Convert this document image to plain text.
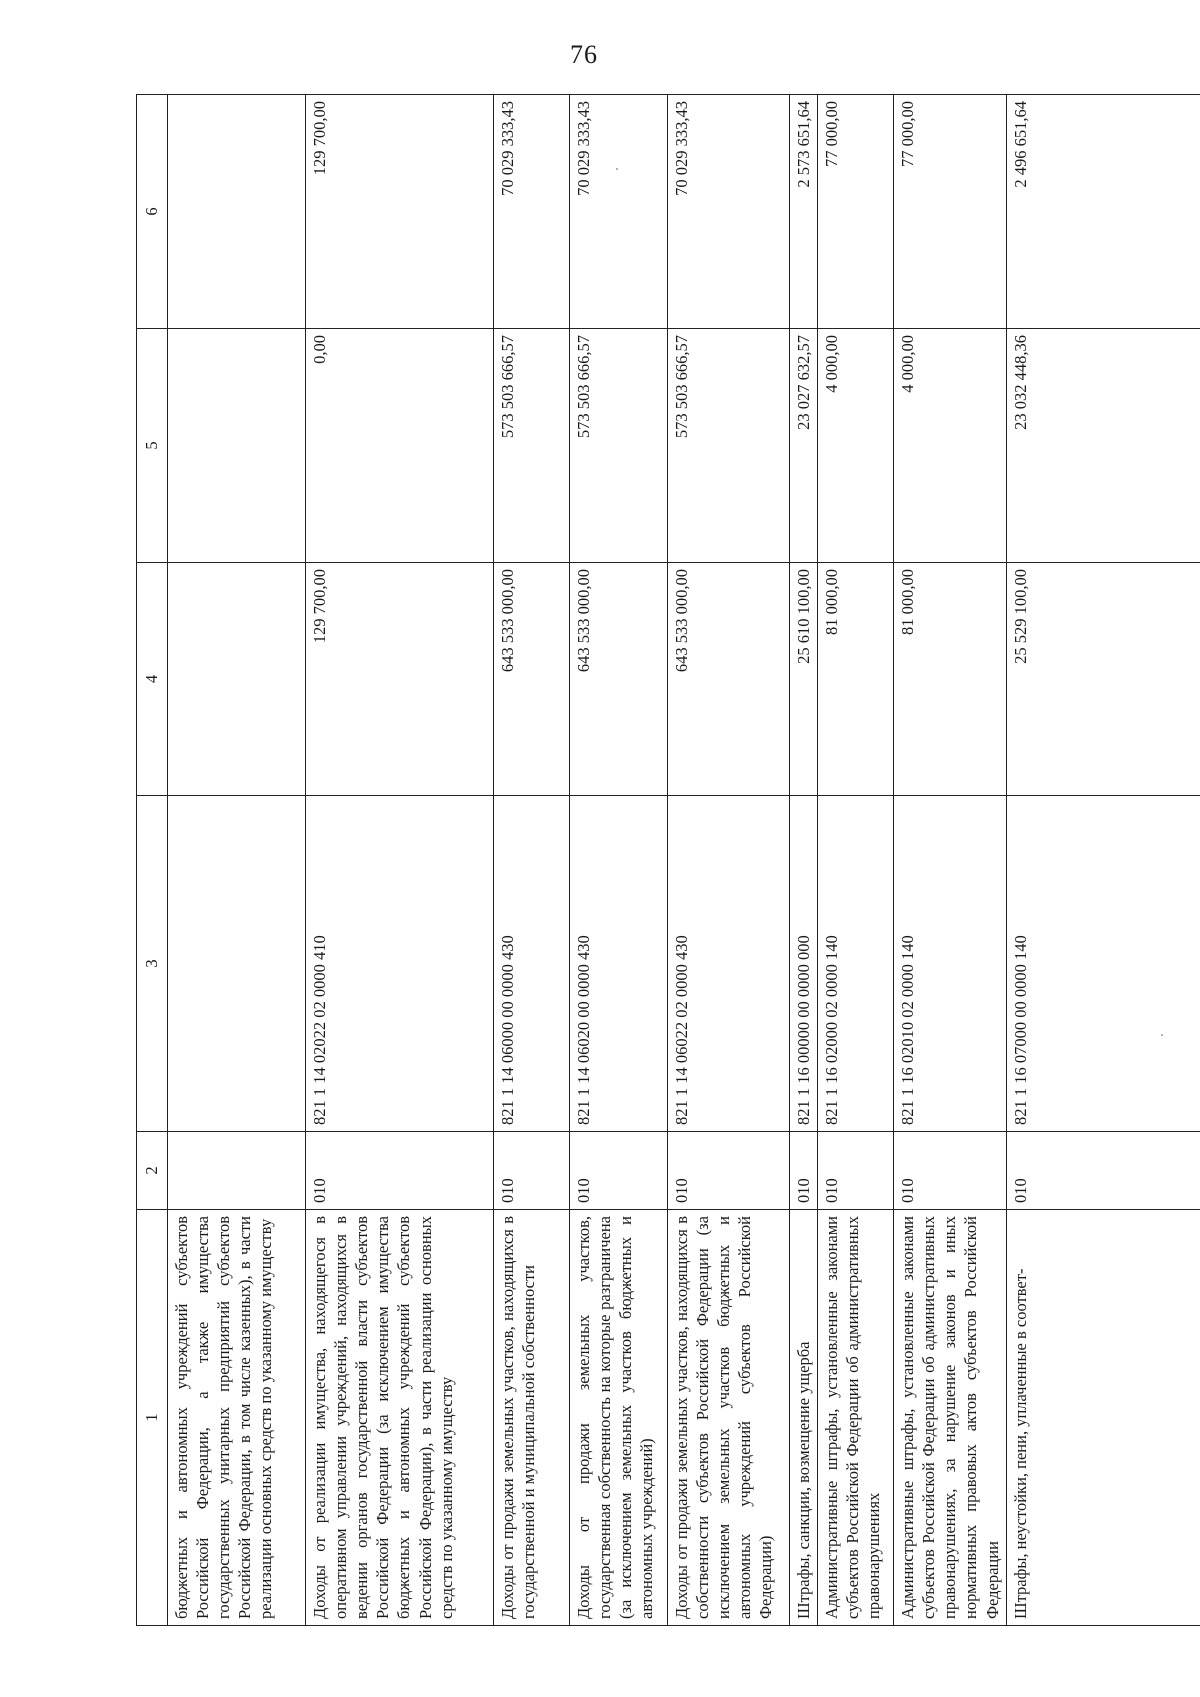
76
1	2	3	4	5	6
бюджетных и автономных учреждений субъектов Российской Федерации, а также имущества государственных унитарных предприятий субъектов Российской Федерации, в том числе казенных), в части реализации основных средств по указанному имуществу					
Доходы от реализации имущества, находящегося в оперативном управлении учреждений, находящихся в ведении органов государственной власти субъектов Российской Федерации (за исключением имущества бюджетных и автономных учреждений субъектов Российской Федерации), в части реализации основных средств по указанному имуществу	010	821 1 14 02022 02 0000 410	129 700,00	0,00	129 700,00
Доходы от продажи земельных участков, находящихся в государственной и муниципальной собственности	010	821 1 14 06000 00 0000 430	643 533 000,00	573 503 666,57	70 029 333,43
Доходы от продажи земельных участков, государственная собственность на которые разграничена (за исключением земельных участков бюджетных и автономных учреждений)	010	821 1 14 06020 00 0000 430	643 533 000,00	573 503 666,57	70 029 333,43
Доходы от продажи земельных участков, находящихся в собственности субъектов Российской Федерации (за исключением земельных участков бюджетных и автономных учреждений субъектов Российской Федерации)	010	821 1 14 06022 02 0000 430	643 533 000,00	573 503 666,57	70 029 333,43
Штрафы, санкции, возмещение ущерба	010	821 1 16 00000 00 0000 000	25 610 100,00	23 027 632,57	2 573 651,64
Административные штрафы, установленные законами субъектов Российской Федерации об административных правонарушениях	010	821 1 16 02000 02 0000 140	81 000,00	4 000,00	77 000,00
Административные штрафы, установленные законами субъектов Российской Федерации об административных правонарушениях, за нарушение законов и иных нормативных правовых актов субъектов Российской Федерации	010	821 1 16 02010 02 0000 140	81 000,00	4 000,00	77 000,00
Штрафы, неустойки, пени, уплаченные в соответ-	010	821 1 16 07000 00 0000 140	25 529 100,00	23 032 448,36	2 496 651,64
